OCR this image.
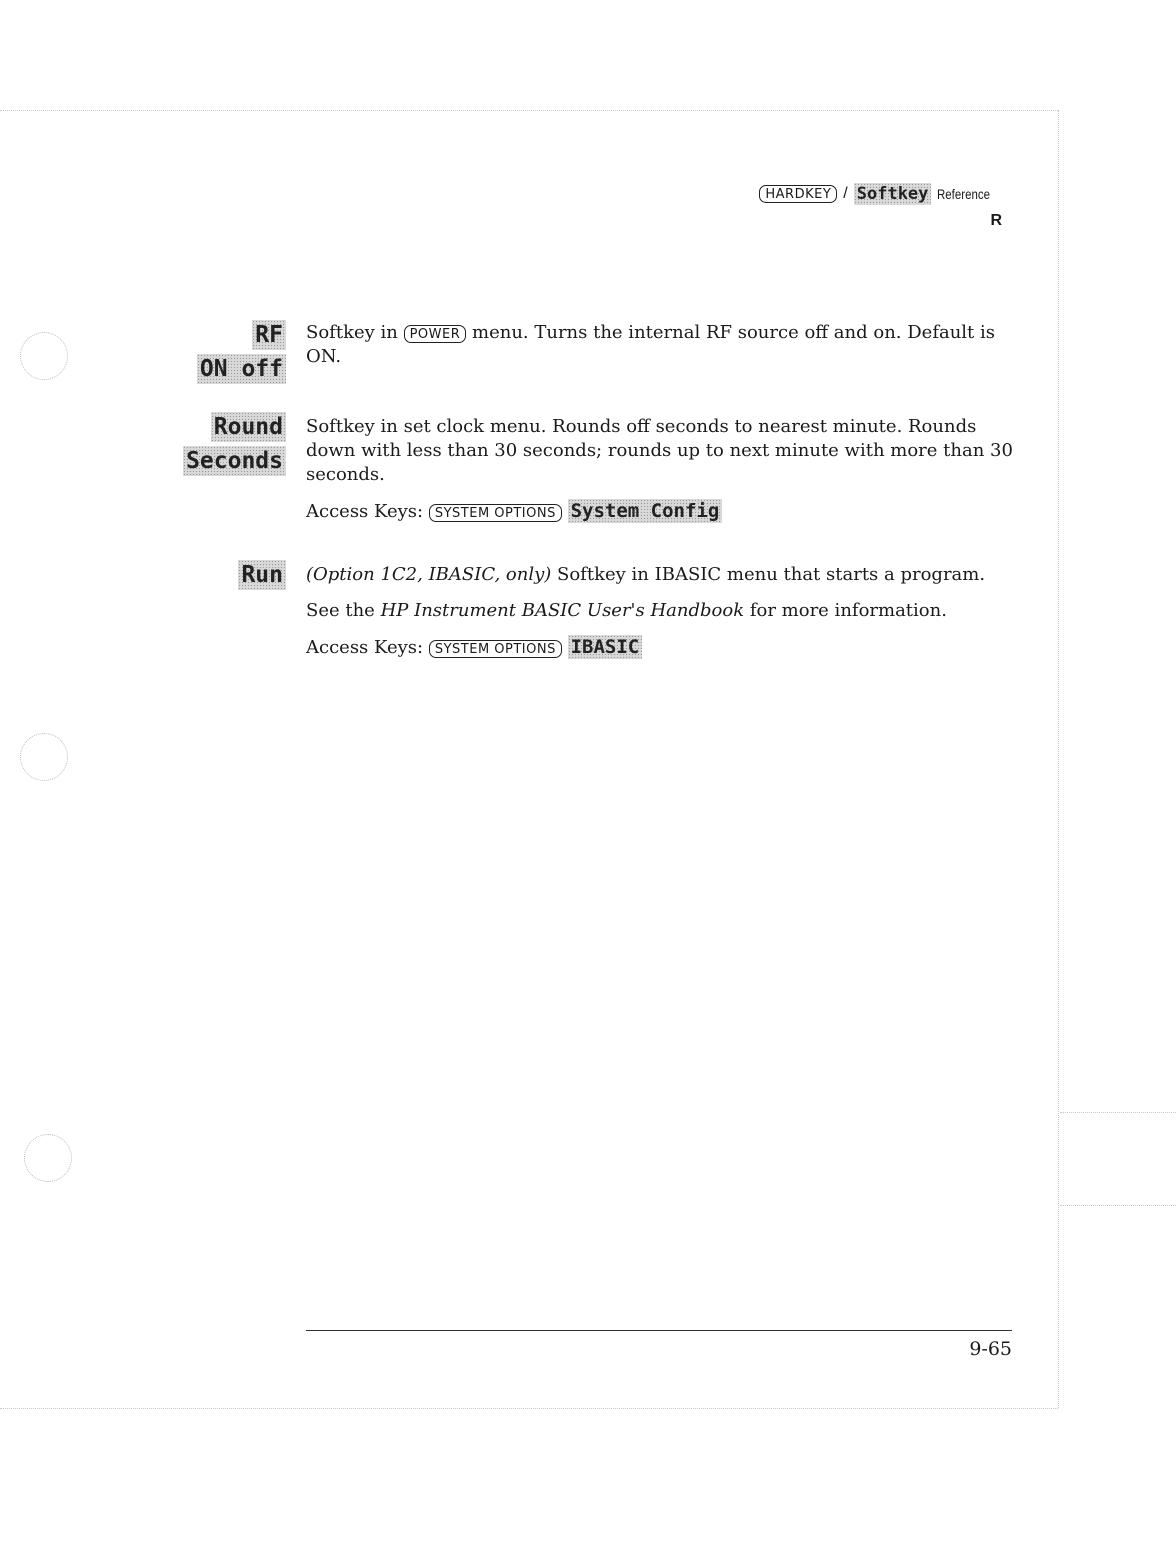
HARDKEY / Softkey Reference
R
RF
ON off

Softkey in POWER menu. Turns the internal RF source off and on. Default is ON.

Round
Seconds

Softkey in set clock menu. Rounds off seconds to nearest minute. Rounds down with less than 30 seconds; rounds up to next minute with more than 30 seconds.

Access Keys: SYSTEM OPTIONS System Config

Run (Option 1C2, IBASIC, only) Softkey in IBASIC menu that starts a program.

See the HP Instrument BASIC User's Handbook for more information.

Access Keys: SYSTEM OPTIONS IBASIC

9-65
